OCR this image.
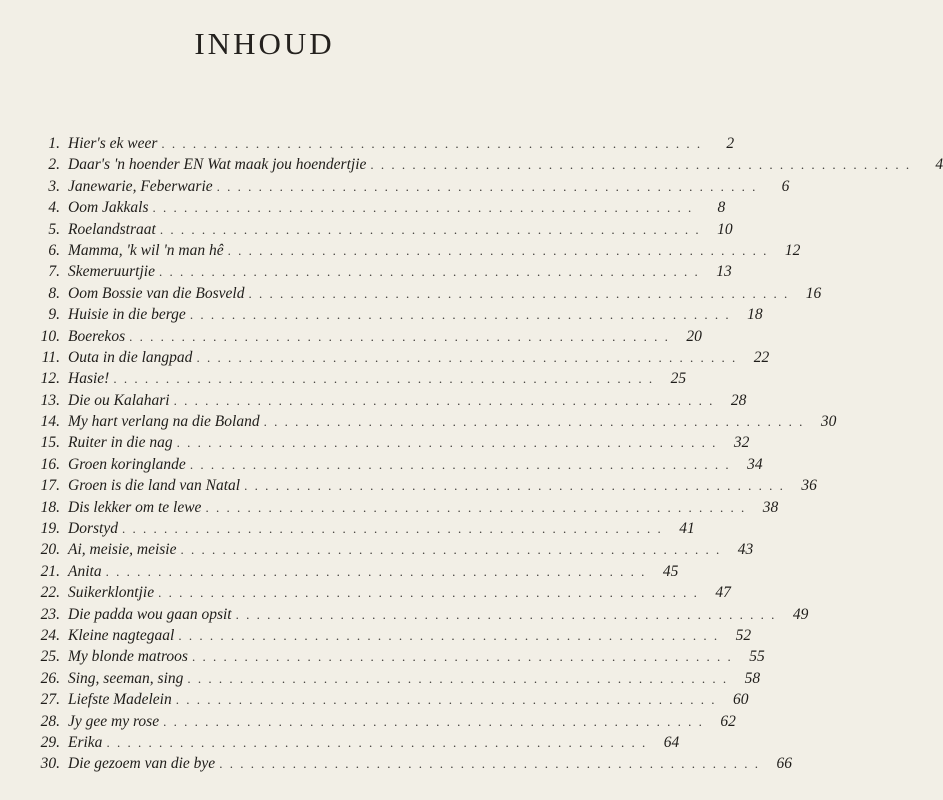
INHOUD
1. Hier's ek weer . . .	2
2. Daar's 'n hoender EN Wat maak jou hoendertjie . . .	4
3. Janewarie, Feberwarie . . .	6
4. Oom Jakkals . . .	8
5. Roelandstraat . . .	10
6. Mamma, 'k wil 'n man hê . . .	12
7. Skemeruurtjie . . .	13
8. Oom Bossie van die Bosveld . . .	16
9. Huisie in die berge . . .	18
10. Boerekos . . .	20
11. Outa in die langpad . . .	22
12. Hasie! . . .	25
13. Die ou Kalahari . . .	28
14. My hart verlang na die Boland . . .	30
15. Ruiter in die nag . . .	32
16. Groen koringlande . . .	34
17. Groen is die land van Natal . . .	36
18. Dis lekker om te lewe . . .	38
19. Dorstyd . . .	41
20. Ai, meisie, meisie . . .	43
21. Anita . . .	45
22. Suikerklontjie . . .	47
23. Die padda wou gaan opsit . . .	49
24. Kleine nagtegaal . . .	52
25. My blonde matroos . . .	55
26. Sing, seeman, sing . . .	58
27. Liefste Madelein . . .	60
28. Jy gee my rose . . .	62
29. Erika . . .	64
30. Die gezoem van die bye . . .	66
